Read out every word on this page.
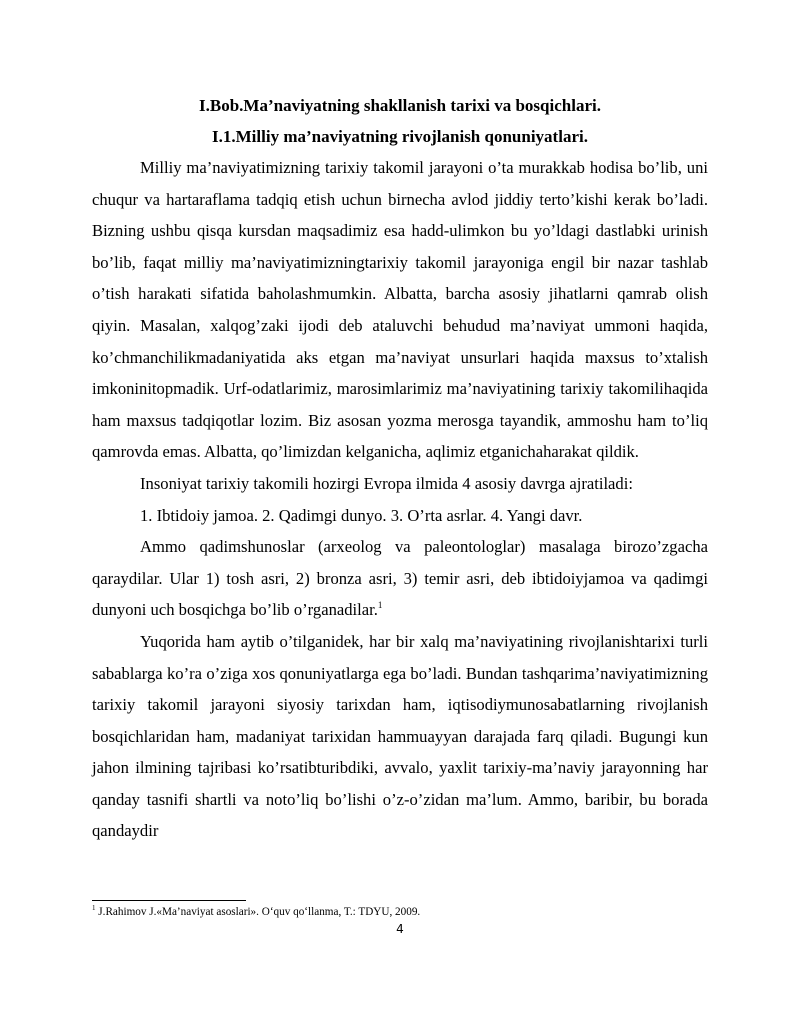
I.Bob.Ma’naviyatning shakllanish tarixi va bosqichlari.

I.1.Milliy ma’naviyatning rivojlanish qonuniyatlari.

Milliy ma’naviyatimizning tarixiy takomil jarayoni o’ta murakkab hodisa bo’lib, uni chuqur va hartaraflama tadqiq etish uchun birnecha avlod jiddiy terto’kishi kerak bo’ladi. Bizning ushbu qisqa kursdan maqsadimiz esa hadd-ulimkon bu yo’ldagi dastlabki urinish bo’lib, faqat milliy ma’naviyatimizningtarixiy takomil jarayoniga engil bir nazar tashlab o’tish harakati sifatida baholashmumkin. Albatta, barcha asosiy jihatlarni qamrab olish qiyin. Masalan, xalqog’zaki ijodi deb ataluvchi behudud ma’naviyat ummoni haqida, ko’chmanchilikmadaniyatida aks etgan ma’naviyat unsurlari haqida maxsus to’xtalish imkoninitopmadik. Urf-odatlarimiz, marosimlarimiz ma’naviyatining tarixiy takomilihaqida ham maxsus tadqiqotlar lozim. Biz asosan yozma merosga tayandik, ammoshu ham to’liq qamrovda emas. Albatta, qo’limizdan kelganicha, aqlimiz etganichaharakat qildik.

Insoniyat tarixiy takomili hozirgi Evropa ilmida 4 asosiy davrga ajratiladi:

1. Ibtidoiy jamoa. 2. Qadimgi dunyo. 3. O’rta asrlar. 4. Yangi davr.

Ammo qadimshunoslar (arxeolog va paleontologlar) masalaga birozo’zgacha qaraydilar. Ular 1) tosh asri, 2) bronza asri, 3) temir asri, deb ibtidoiyjamoa va qadimgi dunyoni uch bosqichga bo’lib o’rganadilar.$^1$

Yuqorida ham aytib o’tilganidek, har bir xalq ma’naviyatining rivojlanishtarixi turli sabablarga ko’ra o’ziga xos qonuniyatlarga ega bo’ladi. Bundan tashqarima’naviyatimizning tarixiy takomil jarayoni siyosiy tarixdan ham, iqtisodiymunosabatlarning rivojlanish bosqichlaridan ham, madaniyat tarixidan hammuayyan darajada farq qiladi. Bugungi kun jahon ilmining tajribasi ko’rsatibturibdiki, avvalo, yaxlit tarixiy-ma’naviy jarayonning har qanday tasnifi shartli va noto’liq bo’lishi o’z-o’zidan ma’lum. Ammo, baribir, bu borada qandaydir

$^1$ J.Rahimov J.«Ma’naviyat asoslari». O‘quv qo‘llanma, T.: TDYU, 2009.
4
